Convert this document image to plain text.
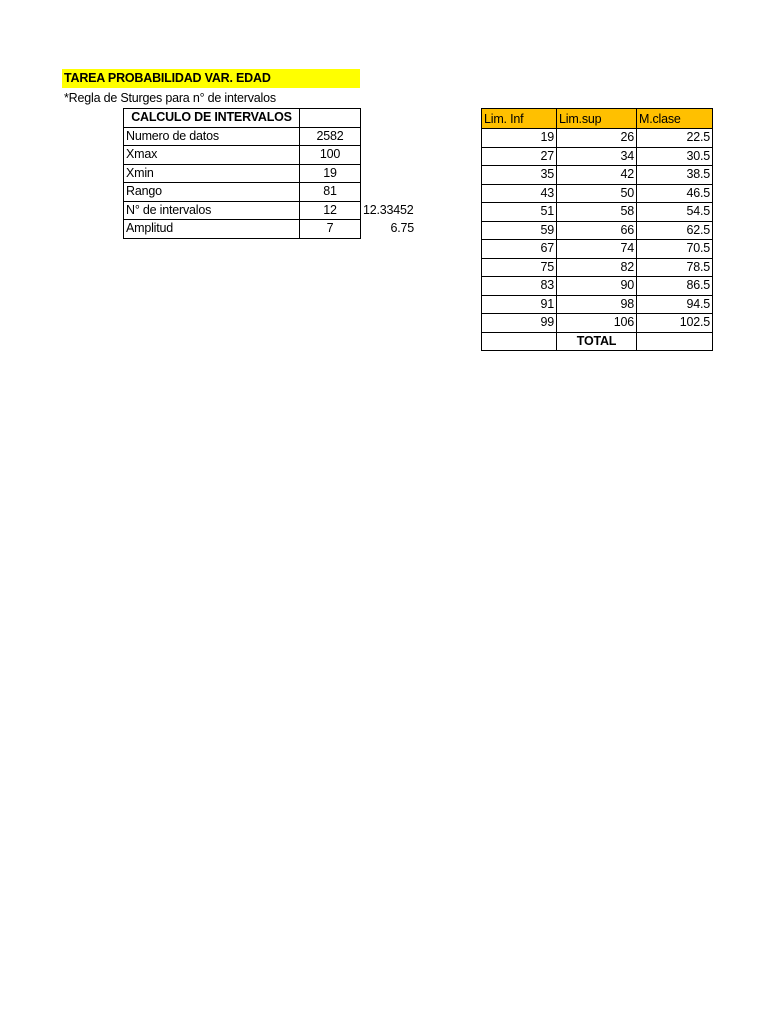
TAREA PROBABILIDAD VAR. EDAD
*Regla de Sturges para n° de intervalos
CALCULO DE INTERVALOS		
Numero de datos	2582	
Xmax	100	
Xmin	19	
Rango	81	
N° de intervalos	12	12.33452
Amplitud	7	6.75
Lim. Inf	Lim.sup	M.clase
19	26	22.5
27	34	30.5
35	42	38.5
43	50	46.5
51	58	54.5
59	66	62.5
67	74	70.5
75	82	78.5
83	90	86.5
91	98	94.5
99	106	102.5
	TOTAL	
